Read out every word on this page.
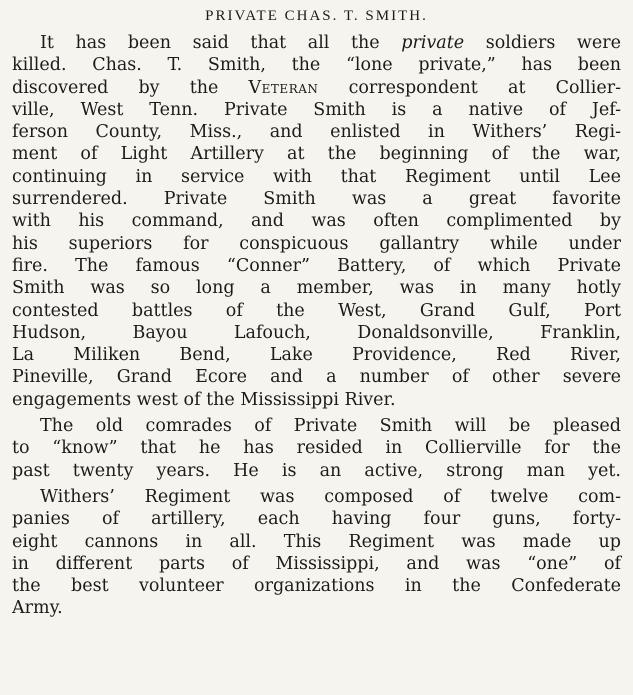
PRIVATE CHAS. T. SMITH.
It has been said that all the private soldiers were
killed. Chas. T. Smith, the “lone private,” has been
discovered by the Veteran correspondent at Collier-
ville, West Tenn. Private Smith is a native of Jef-
ferson County, Miss., and enlisted in Withers’ Regi-
ment of Light Artillery at the beginning of the war,
continuing in service with that Regiment until Lee
surrendered. Private Smith was a great favorite
with his command, and was often complimented by
his superiors for conspicuous gallantry while under
fire. The famous “Conner” Battery, of which Private
Smith was so long a member, was in many hotly
contested battles of the West, Grand Gulf, Port
Hudson, Bayou Lafouch, Donaldsonville, Franklin,
La Miliken Bend, Lake Providence, Red River,
Pineville, Grand Ecore and a number of other severe
engagements west of the Mississippi River.
The old comrades of Private Smith will be pleased
to “know” that he has resided in Collierville for the
past twenty years. He is an active, strong man yet.
Withers’ Regiment was composed of twelve com-
panies of artillery, each having four guns, forty-
eight cannons in all. This Regiment was made up
in different parts of Mississippi, and was “one” of
the best volunteer organizations in the Confederate
Army.
